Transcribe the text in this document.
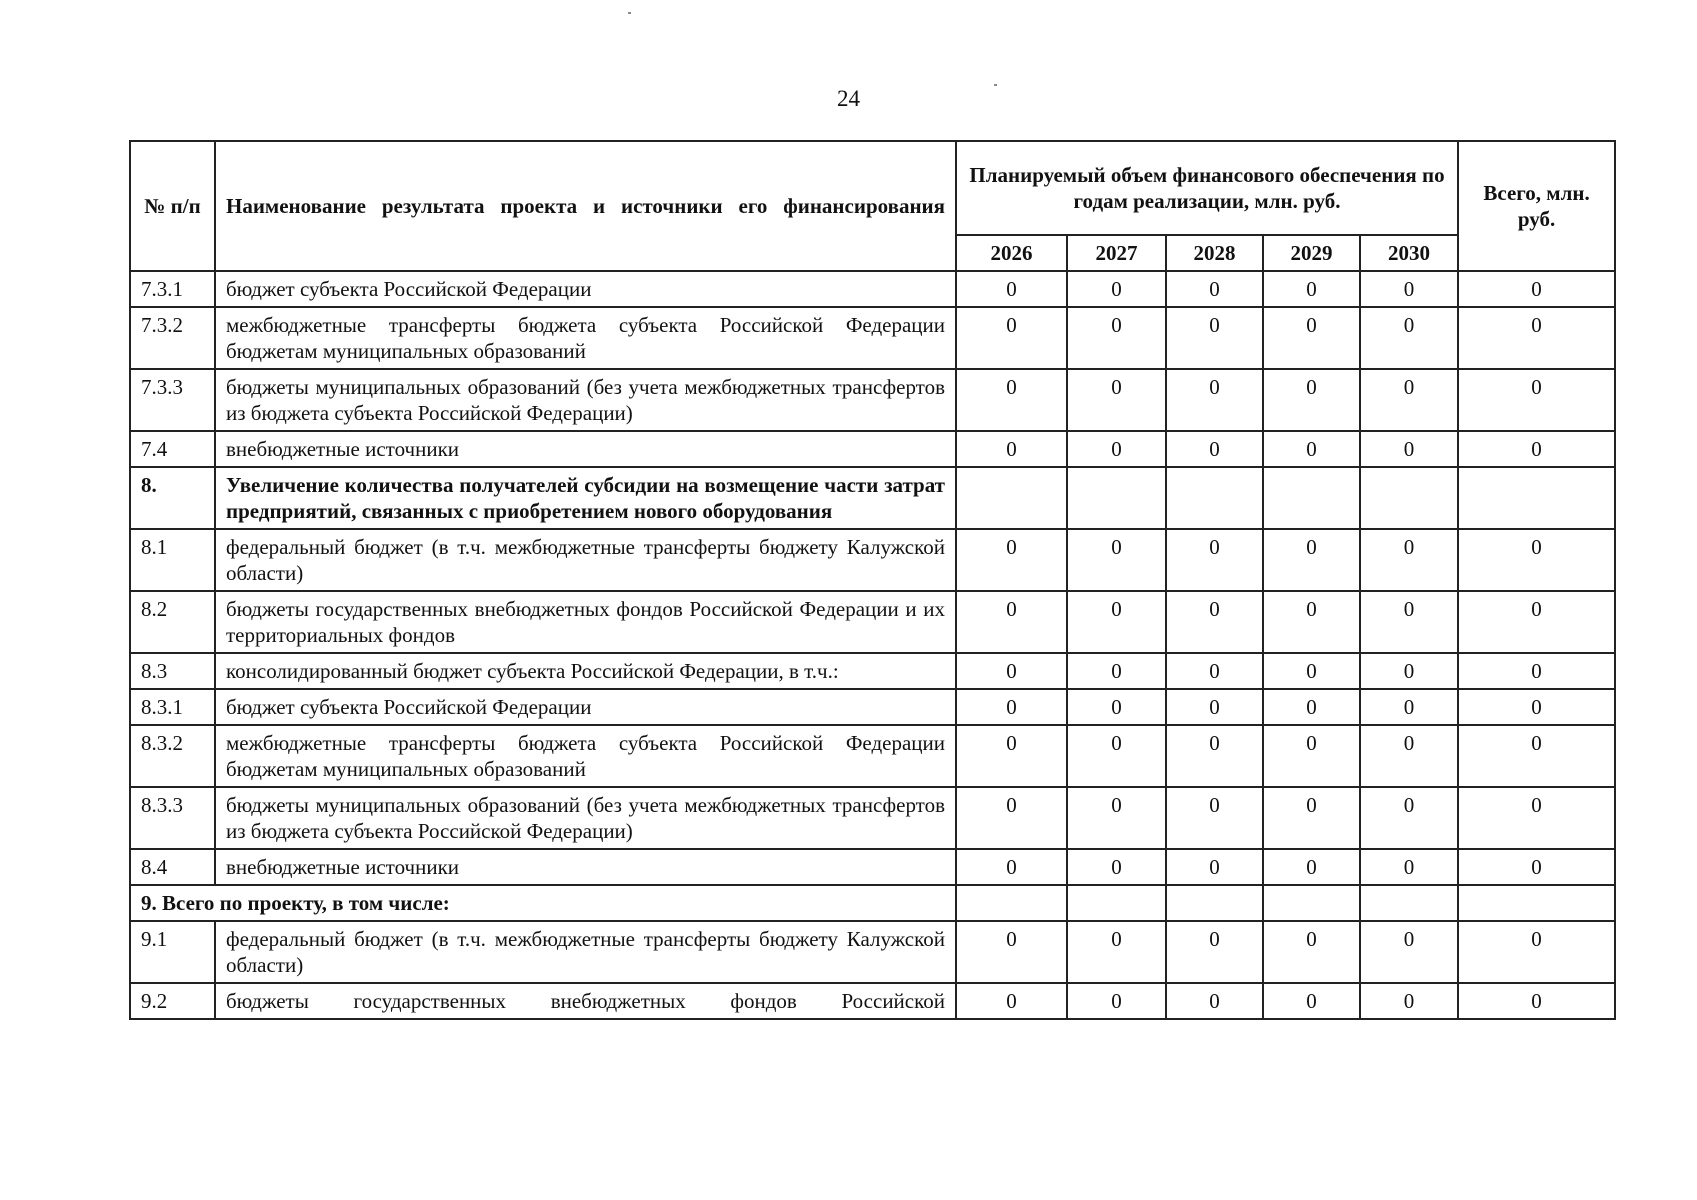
24
№ п/п	Наименование результата проекта и источники его финансирования	Планируемый объем финансового обеспечения по годам реализации, млн. руб.					Всего, млн. руб.
		2026	2027	2028	2029	2030	
7.3.1	бюджет субъекта Российской Федерации	0	0	0	0	0	0
7.3.2	межбюджетные трансферты бюджета субъекта Российской Федерации бюджетам муниципальных образований	0	0	0	0	0	0
7.3.3	бюджеты муниципальных образований (без учета межбюджетных трансфертов из бюджета субъекта Российской Федерации)	0	0	0	0	0	0
7.4	внебюджетные источники	0	0	0	0	0	0
8.	Увеличение количества получателей субсидии на возмещение части затрат предприятий, связанных с приобретением нового оборудования						
8.1	федеральный бюджет (в т.ч. межбюджетные трансферты бюджету Калужской области)	0	0	0	0	0	0
8.2	бюджеты государственных внебюджетных фондов Российской Федерации и их территориальных фондов	0	0	0	0	0	0
8.3	консолидированный бюджет субъекта Российской Федерации, в т.ч.:	0	0	0	0	0	0
8.3.1	бюджет субъекта Российской Федерации	0	0	0	0	0	0
8.3.2	межбюджетные трансферты бюджета субъекта Российской Федерации бюджетам муниципальных образований	0	0	0	0	0	0
8.3.3	бюджеты муниципальных образований (без учета межбюджетных трансфертов из бюджета субъекта Российской Федерации)	0	0	0	0	0	0
8.4	внебюджетные источники	0	0	0	0	0	0
9. Всего по проекту, в том числе:							
9.1	федеральный бюджет (в т.ч. межбюджетные трансферты бюджету Калужской области)	0	0	0	0	0	0
9.2	бюджеты государственных внебюджетных фондов Российской	0	0	0	0	0	0
